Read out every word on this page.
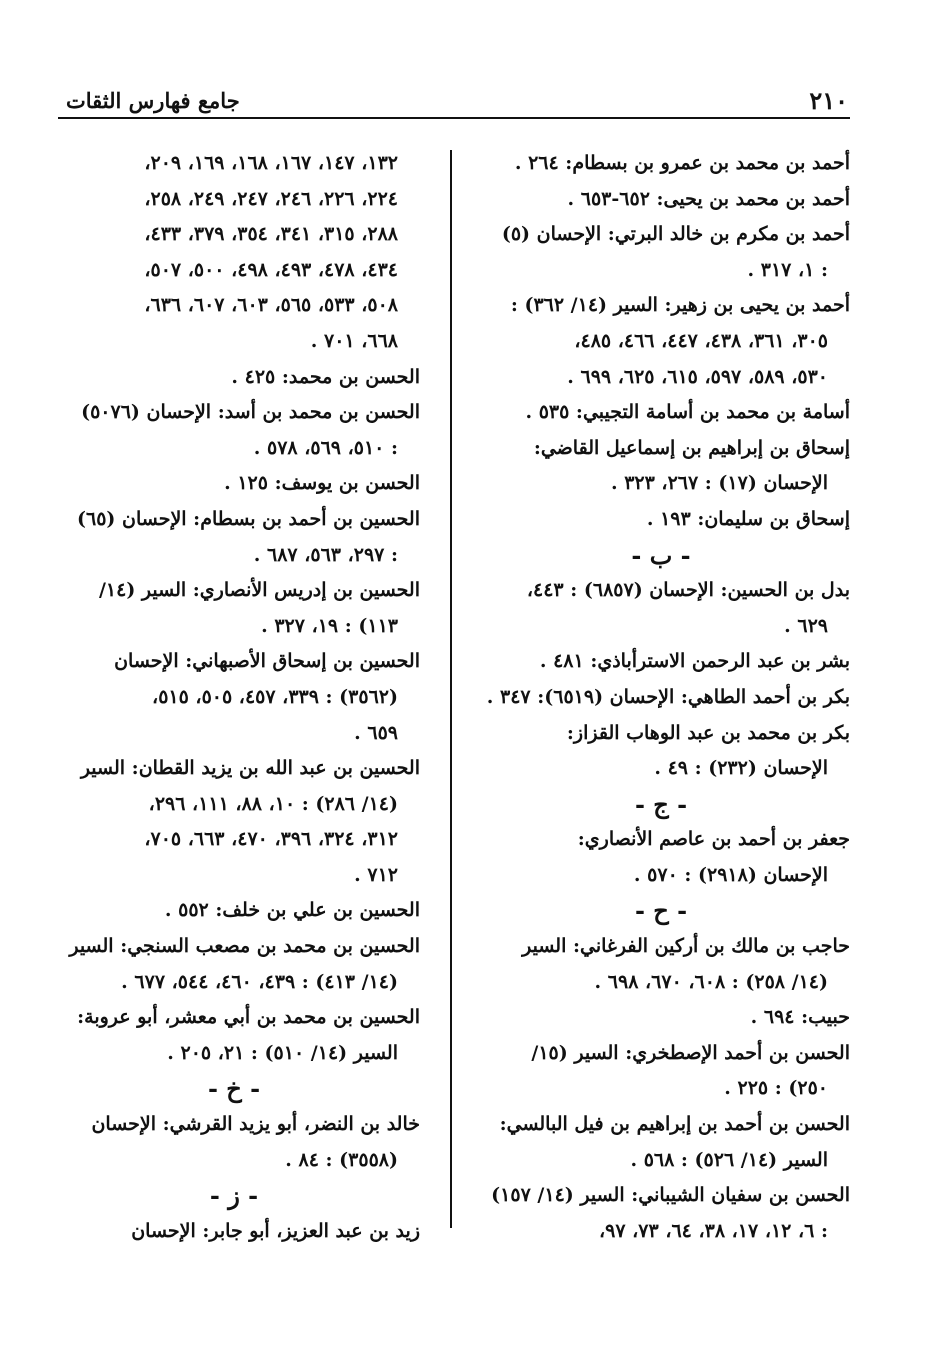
٢١٠
جامع فهارس الثقات
أحمد بن محمد بن عمرو بن بسطام: ٢٦٤ .
أحمد بن محمد بن يحيى: ٦٥٢-٦٥٣ .
أحمد بن مكرم بن خالد البرتي: الإحسان (٥)
: ١، ٣١٧ .
أحمد بن يحيى بن زهير: السير (١٤/ ٣٦٢) :
٣٠٥، ٣٦١، ٤٣٨، ٤٤٧، ٤٦٦، ٤٨٥،
٥٣٠، ٥٨٩، ٥٩٧، ٦١٥، ٦٢٥، ٦٩٩ .
أسامة بن محمد بن أسامة التجيبي: ٥٣٥ .
إسحاق بن إبراهيم بن إسماعيل القاضي:
الإحسان (١٧) : ٢٦٧، ٣٢٣ .
إسحاق بن سليمان: ١٩٣ .
- ب -
بدل بن الحسين: الإحسان (٦٨٥٧) : ٤٤٣،
٦٢٩ .
بشر بن عبد الرحمن الاسترأباذي: ٤٨١ .
بكر بن أحمد الطاهي: الإحسان (٦٥١٩): ٣٤٧ .
بكر بن محمد بن عبد الوهاب القزاز:
الإحسان (٢٣٢) : ٤٩ .
- ج -
جعفر بن أحمد بن عاصم الأنصاري:
الإحسان (٢٩١٨) : ٥٧٠ .
- ح -
حاجب بن مالك بن أركين الفرغاني: السير
(١٤/ ٢٥٨) : ٦٠٨، ٦٧٠، ٦٩٨ .
حبيب: ٦٩٤ .
الحسن بن أحمد الإصطخري: السير (١٥/
٢٥٠) : ٢٢٥ .
الحسن بن أحمد بن إبراهيم بن فيل البالسي:
السير (١٤/ ٥٢٦) : ٥٦٨ .
الحسن بن سفيان الشيباني: السير (١٤/ ١٥٧)
: ٦، ١٢، ١٧، ٣٨، ٦٤، ٧٣، ٩٧،
١٣٢، ١٤٧، ١٦٧، ١٦٨، ١٦٩، ٢٠٩،
٢٢٤، ٢٢٦، ٢٤٦، ٢٤٧، ٢٤٩، ٢٥٨،
٢٨٨، ٣١٥، ٣٤١، ٣٥٤، ٣٧٩، ٤٣٣،
٤٣٤، ٤٧٨، ٤٩٣، ٤٩٨، ٥٠٠، ٥٠٧،
٥٠٨، ٥٣٣، ٥٦٥، ٦٠٣، ٦٠٧، ٦٣٦،
٦٦٨، ٧٠١ .
الحسن بن محمد: ٤٢٥ .
الحسن بن محمد بن أسد: الإحسان (٥٠٧٦)
: ٥١٠، ٥٦٩، ٥٧٨ .
الحسن بن يوسف: ١٢٥ .
الحسين بن أحمد بن بسطام: الإحسان (٦٥)
: ٢٩٧، ٥٦٣، ٦٨٧ .
الحسين بن إدريس الأنصاري: السير (١٤/
١١٣) : ١٩، ٣٢٧ .
الحسين بن إسحاق الأصبهاني: الإحسان
(٣٥٦٢) : ٣٣٩، ٤٥٧، ٥٠٥، ٥١٥،
٦٥٩ .
الحسين بن عبد الله بن يزيد القطان: السير
(١٤/ ٢٨٦) : ١٠، ٨٨، ١١١، ٢٩٦،
٣١٢، ٣٢٤، ٣٩٦، ٤٧٠، ٦٦٣، ٧٠٥،
٧١٢ .
الحسين بن علي بن خلف: ٥٥٢ .
الحسين بن محمد بن مصعب السنجي: السير
(١٤/ ٤١٣) : ٤٣٩، ٤٦٠، ٥٤٤، ٦٧٧ .
الحسين بن محمد بن أبي معشر، أبو عروبة:
السير (١٤/ ٥١٠) : ٢١، ٢٠٥ .
- خ -
خالد بن النضر، أبو يزيد القرشي: الإحسان
(٣٥٥٨) : ٨٤ .
- ز -
زيد بن عبد العزيز، أبو جابر: الإحسان
